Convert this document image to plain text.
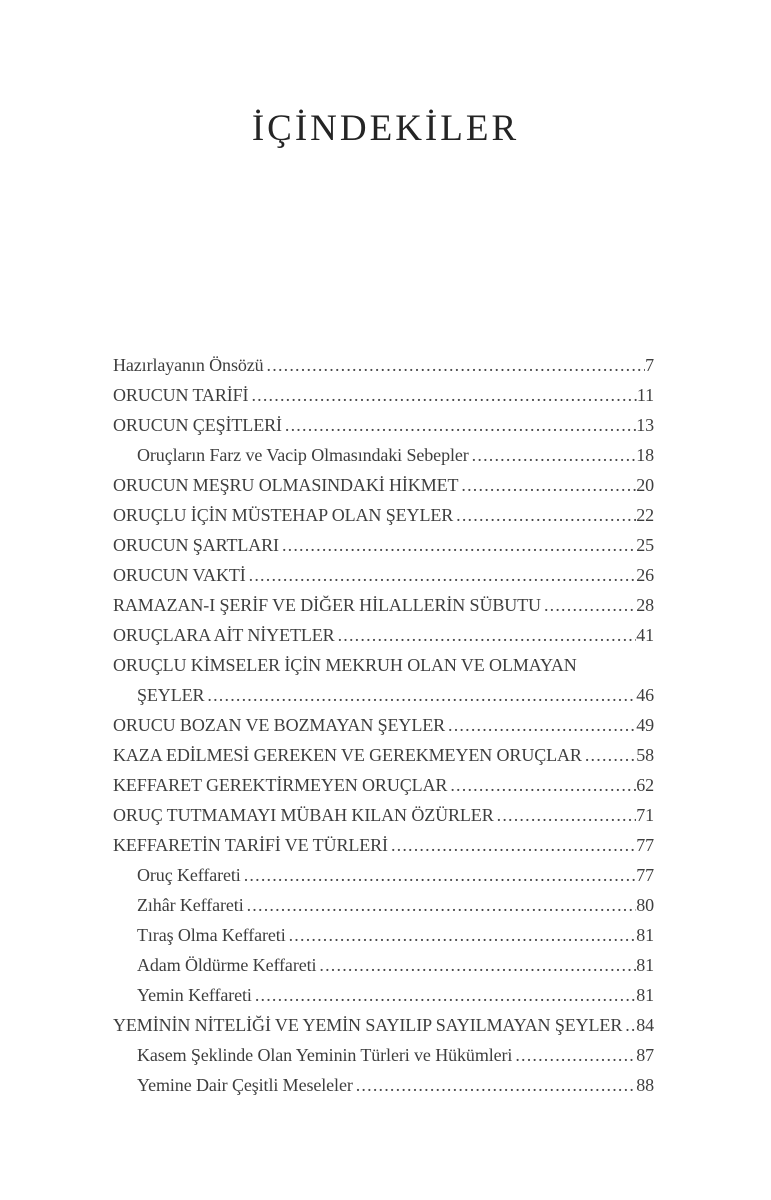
İÇİNDEKİLER
Hazırlayanın Önsözü .....	7
ORUCUN TARİFİ .....	11
ORUCUN ÇEŞİTLERİ .....	13
Oruçların Farz ve Vacip Olmasındaki Sebepler .....	18
ORUCUN MEŞRU OLMASINDAKİ HİKMET .....	20
ORUÇLU İÇİN MÜSTEHAP OLAN ŞEYLER .....	22
ORUCUN ŞARTLARI .....	25
ORUCUN VAKTİ .....	26
RAMAZAN-I ŞERİF VE DİĞER HİLALLERİN SÜBUTU .....	28
ORUÇLARA AİT NİYETLER .....	41
ORUÇLU KİMSELER İÇİN MEKRUH OLAN VE OLMAYAN
ŞEYLER .....	46
ORUCU BOZAN VE BOZMAYAN ŞEYLER .....	49
KAZA EDİLMESİ GEREKEN VE GEREKMEYEN ORUÇLAR .....	58
KEFFARET GEREKTİRMEYEN ORUÇLAR .....	62
ORUÇ TUTMAMAYI MÜBAH KILAN ÖZÜRLER .....	71
KEFFARETİN TARİFİ VE TÜRLERİ .....	77
Oruç Keffareti .....	77
Zıhâr Keffareti .....	80
Tıraş Olma Keffareti .....	81
Adam Öldürme Keffareti .....	81
Yemin Keffareti .....	81
YEMİNİN NİTELİĞİ VE YEMİN SAYILIP SAYILMAYAN ŞEYLER ..... 84
Kasem Şeklinde Olan Yeminin Türleri ve Hükümleri .....	87
Yemine Dair Çeşitli Meseleler .....	88
